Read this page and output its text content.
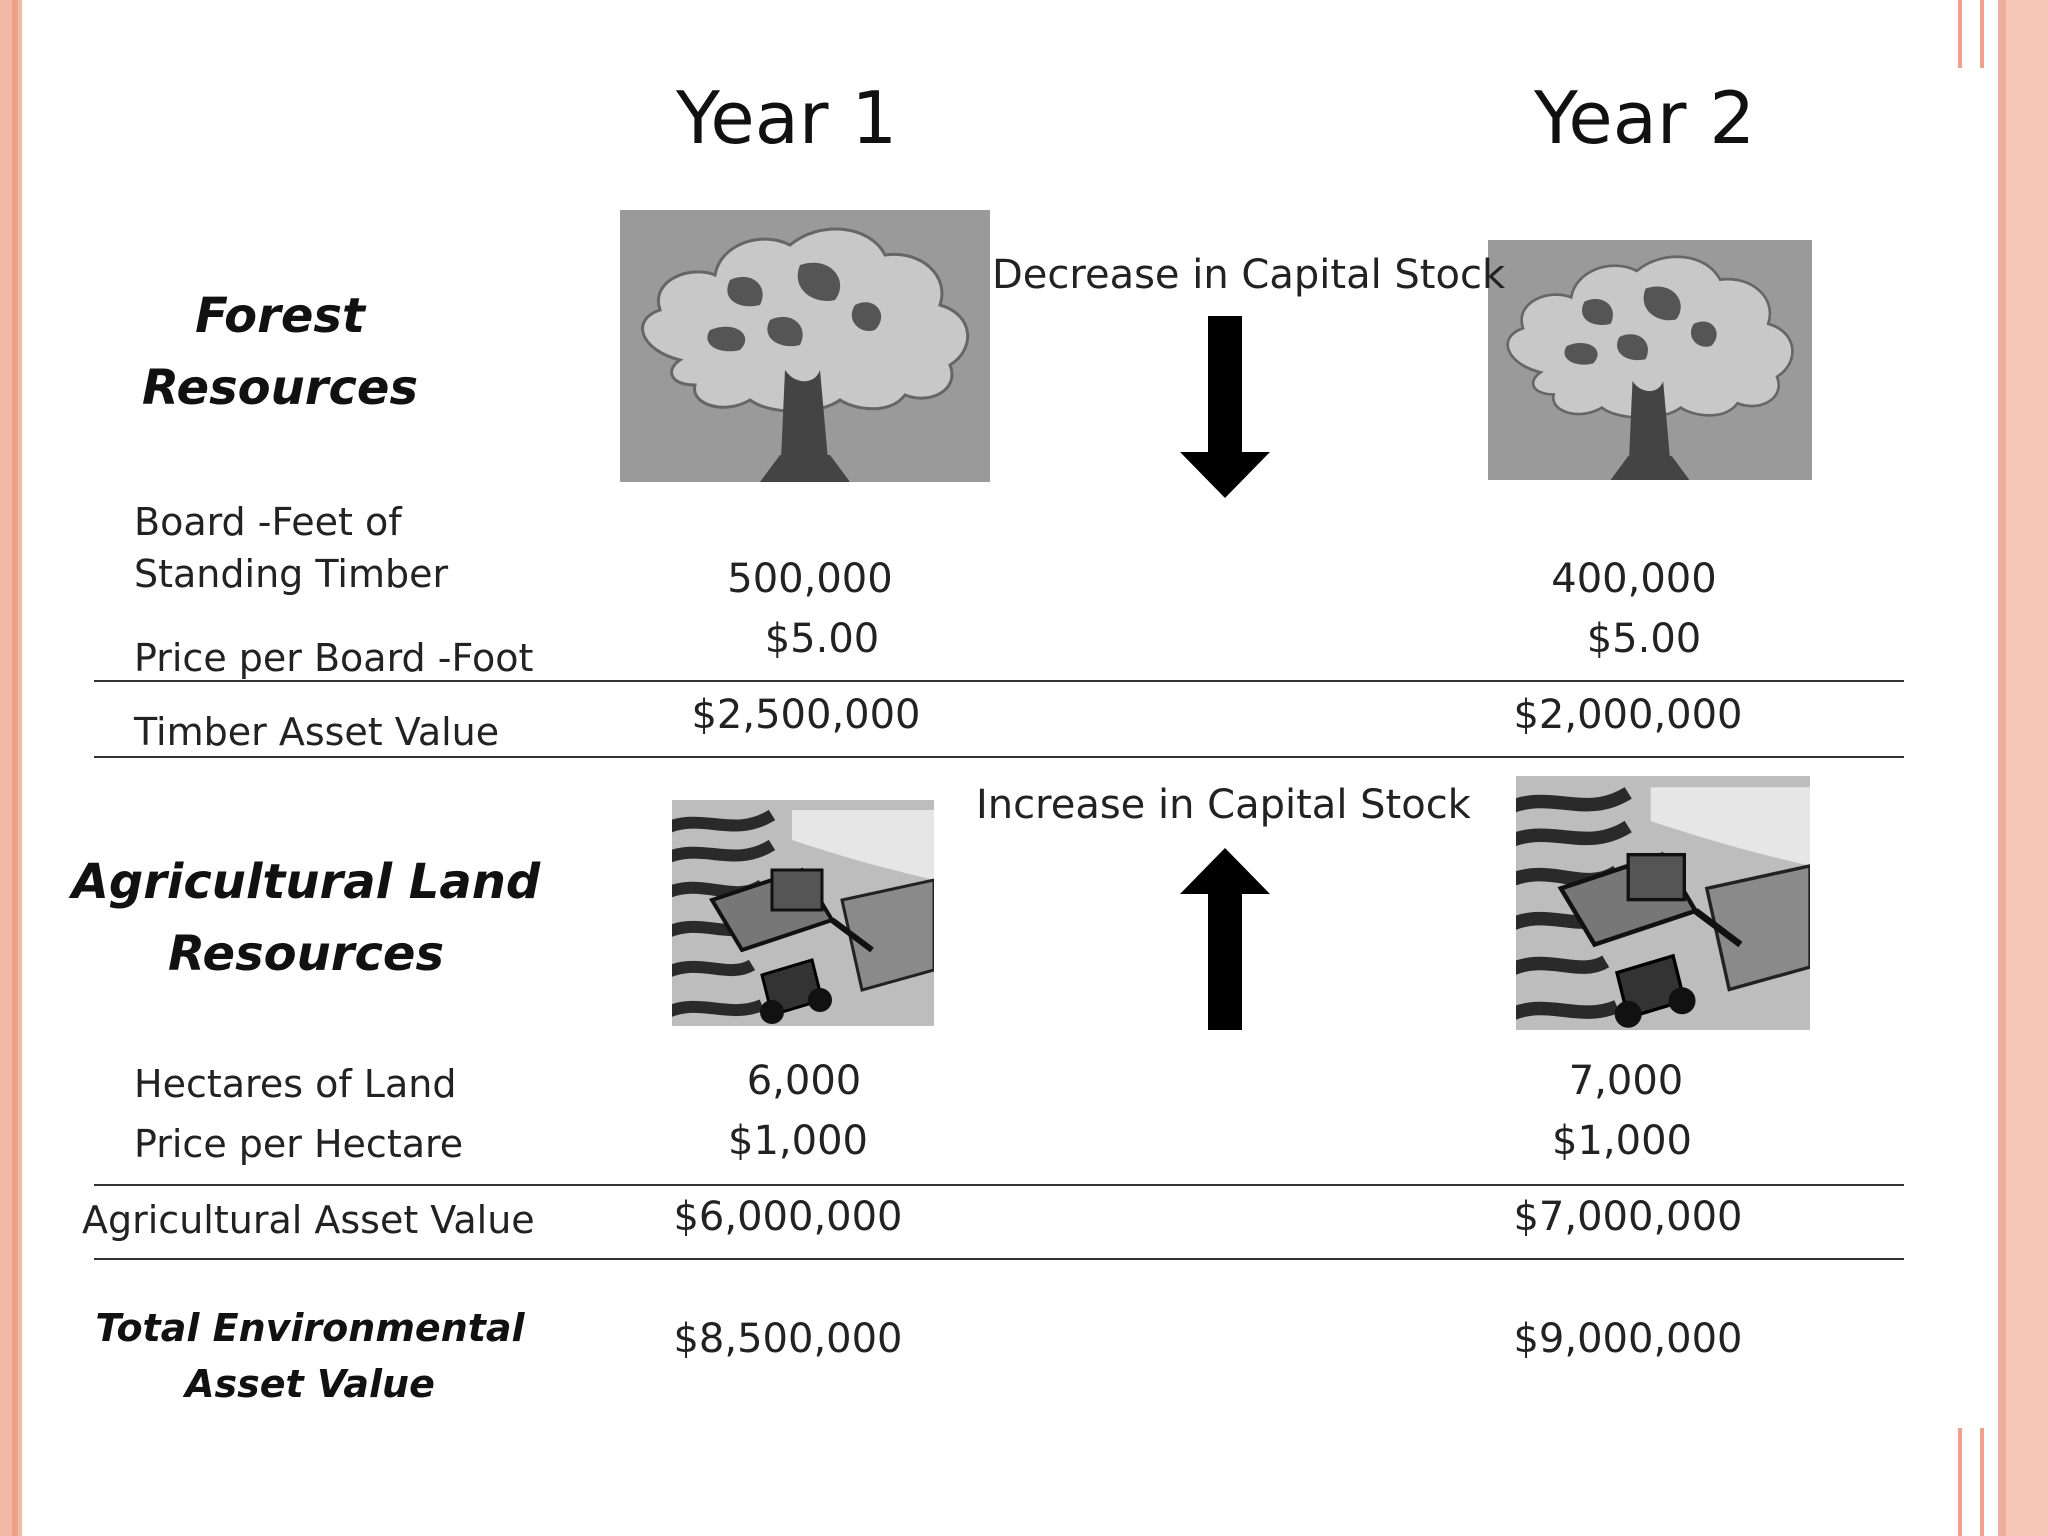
Year 1	Year 2
Forest
Resources
Decrease in Capital Stock
Board -Feet of
Standing Timber	500,000	400,000
Price per Board -Foot	$5.00	$5.00
Timber Asset Value	$2,500,000	$2,000,000
Increase in Capital Stock
Agricultural Land
Resources
Hectares of Land	6,000	7,000
Price per Hectare	$1,000	$1,000
Agricultural Asset Value	$6,000,000	$7,000,000
Total Environmental
Asset Value
$8,500,000	$9,000,000
